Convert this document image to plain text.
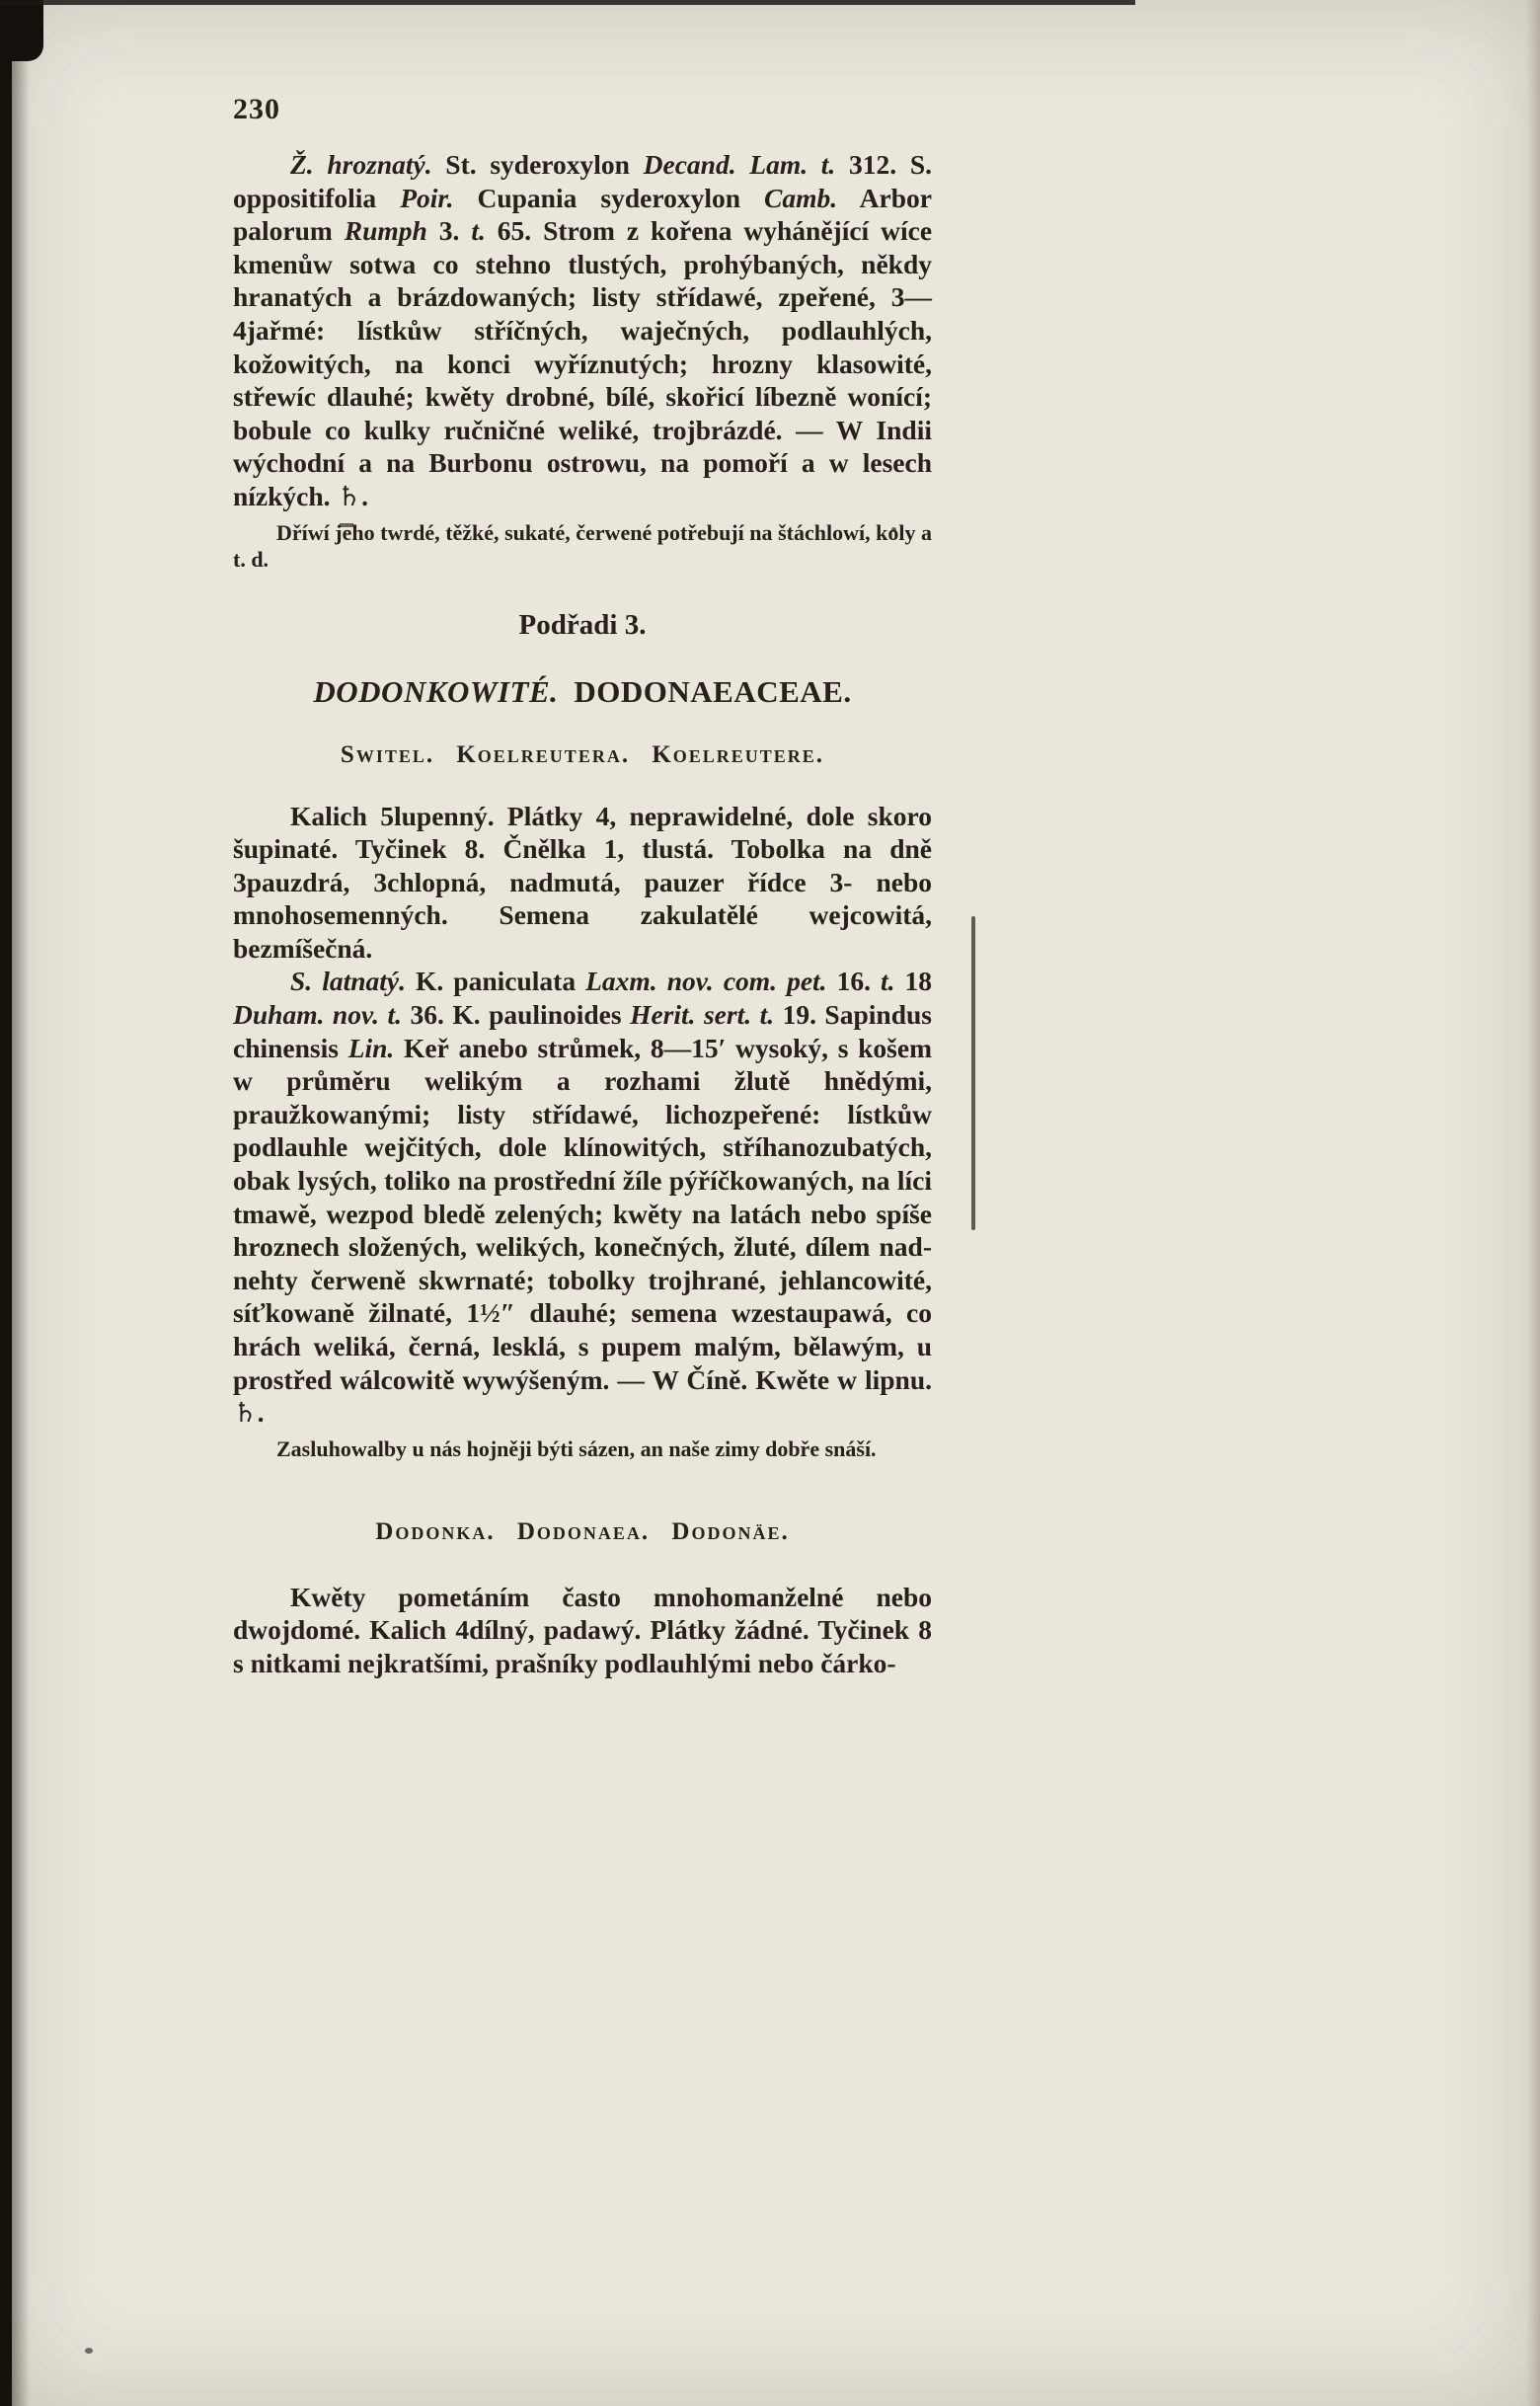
230

Ž. hroznatý. St. syderoxylon Decand. Lam. t. 312. S. oppositifolia Poir. Cupania syderoxylon Camb. Arbor palorum Rumph 3. t. 65. Strom z kořena wyhánějící wíce kmenůw sotwa co stehno tlustých, prohýbaných, někdy hranatých a brázdowaných; listy střídawé, zpeřené, 3—4jařmé: lístkůw stříčných, waječných, podlauhlých, kožowitých, na konci wyříznutých; hrozny klasowité, střewíc dlauhé; kwěty drobné, bílé, skořicí líbezně wonící; bobule co kulky ručničné weliké, trojbrázdé. — W Indii wýchodní a na Burbonu ostrowu, na pomoří a w lesech nízkých. ♄.

Dříwí jeho twrdé, těžké, sukaté, čerwené potřebují na štáchlowí, koly a t. d.

Podřadi 3.

DODONKOWITÉ. DODONAEACEAE.

Switel. Koelreutera. Koelreutere.

Kalich 5lupenný. Plátky 4, neprawidelné, dole skoro šupinaté. Tyčinek 8. Čnělka 1, tlustá. Tobolka na dně 3pauzdrá, 3chlopná, nadmutá, pauzer řídce 3- nebo mnohosemenných. Semena zakulatělé wejcowitá, bezmíšečná.

S. latnatý. K. paniculata Laxm. nov. com. pet. 16. t. 18 Duham. nov. t. 36. K. paulinoides Herit. sert. t. 19. Sapindus chinensis Lin. Keř anebo strůmek, 8—15′ wysoký, s košem w průměru welikým a rozhami žlutě hnědými, praužkowanými; listy střídawé, lichozpeřené: lístkůw podlauhle wejčitých, dole klínowitých, stříhanozubatých, obak lysých, toliko na prostřední žíle pýříčkowaných, na líci tmawě, wezpod bledě zelených; kwěty na latách nebo spíše hroznech složených, welikých, konečných, žluté, dílem nad- nehty čerweně skwrnaté; tobolky trojhrané, jehlancowité, síťkowaně žilnaté, 1½″ dlauhé; semena wzestaupawá, co hrách weliká, černá, lesklá, s pupem malým, bělawým, u prostřed wálcowitě wywýšeným. — W Číně. Kwěte w lipnu. ♄.

Zasluhowalby u nás hojněji býti sázen, an naše zimy dobře snáší.

Dodonka. Dodonaea. Dodonäe.

Kwěty pometáním často mnohomanželné nebo dwojdomé. Kalich 4dílný, padawý. Plátky žádné. Tyčinek 8 s nitkami nejkratšími, prašníky podlauhlými nebo čárko-
